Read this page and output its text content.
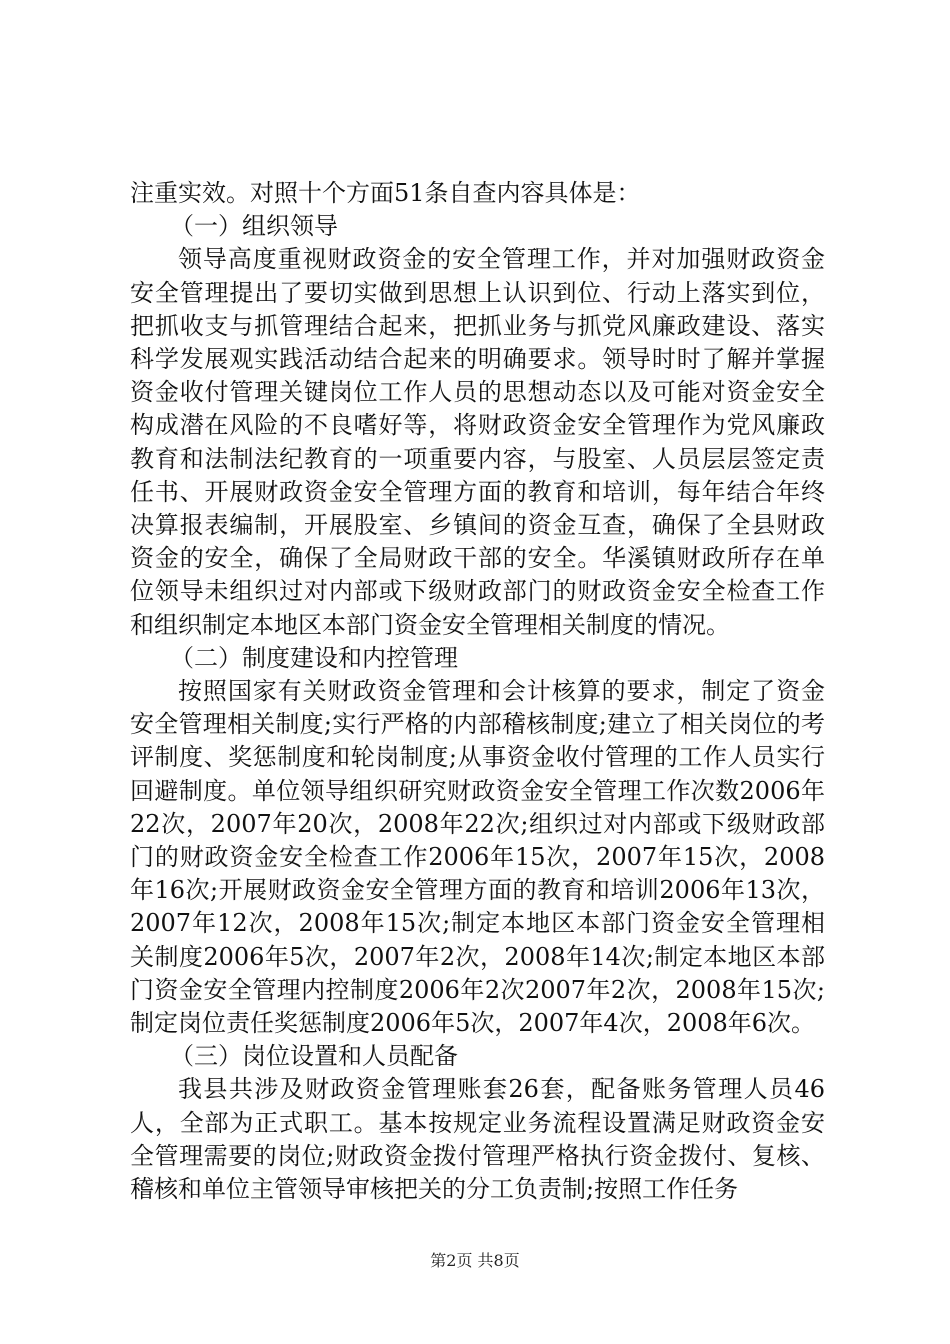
注重实效。对照十个方面51条自查内容具体是：

（一）组织领导

领导高度重视财政资金的安全管理工作，并对加强财政资金安全管理提出了要切实做到思想上认识到位、行动上落实到位，把抓收支与抓管理结合起来，把抓业务与抓党风廉政建设、落实科学发展观实践活动结合起来的明确要求。领导时时了解并掌握资金收付管理关键岗位工作人员的思想动态以及可能对资金安全构成潜在风险的不良嗜好等，将财政资金安全管理作为党风廉政教育和法制法纪教育的一项重要内容，与股室、人员层层签定责任书、开展财政资金安全管理方面的教育和培训，每年结合年终决算报表编制，开展股室、乡镇间的资金互查，确保了全县财政资金的安全，确保了全局财政干部的安全。华溪镇财政所存在单位领导未组织过对内部或下级财政部门的财政资金安全检查工作和组织制定本地区本部门资金安全管理相关制度的情况。

（二）制度建设和内控管理

按照国家有关财政资金管理和会计核算的要求，制定了资金安全管理相关制度;实行严格的内部稽核制度;建立了相关岗位的考评制度、奖惩制度和轮岗制度;从事资金收付管理的工作人员实行回避制度。单位领导组织研究财政资金安全管理工作次数2006年22次，2007年20次，2008年22次;组织过对内部或下级财政部门的财政资金安全检查工作2006年15次，2007年15次，2008年16次;开展财政资金安全管理方面的教育和培训2006年13次，2007年12次，2008年15次;制定本地区本部门资金安全管理相关制度2006年5次，2007年2次，2008年14次;制定本地区本部门资金安全管理内控制度2006年2次2007年2次，2008年15次;制定岗位责任奖惩制度2006年5次，2007年4次，2008年6次。

（三）岗位设置和人员配备

我县共涉及财政资金管理账套26套，配备账务管理人员46人，全部为正式职工。基本按规定业务流程设置满足财政资金安全管理需要的岗位;财政资金拨付管理严格执行资金拨付、复核、稽核和单位主管领导审核把关的分工负责制;按照工作任务

第2页 共8页
